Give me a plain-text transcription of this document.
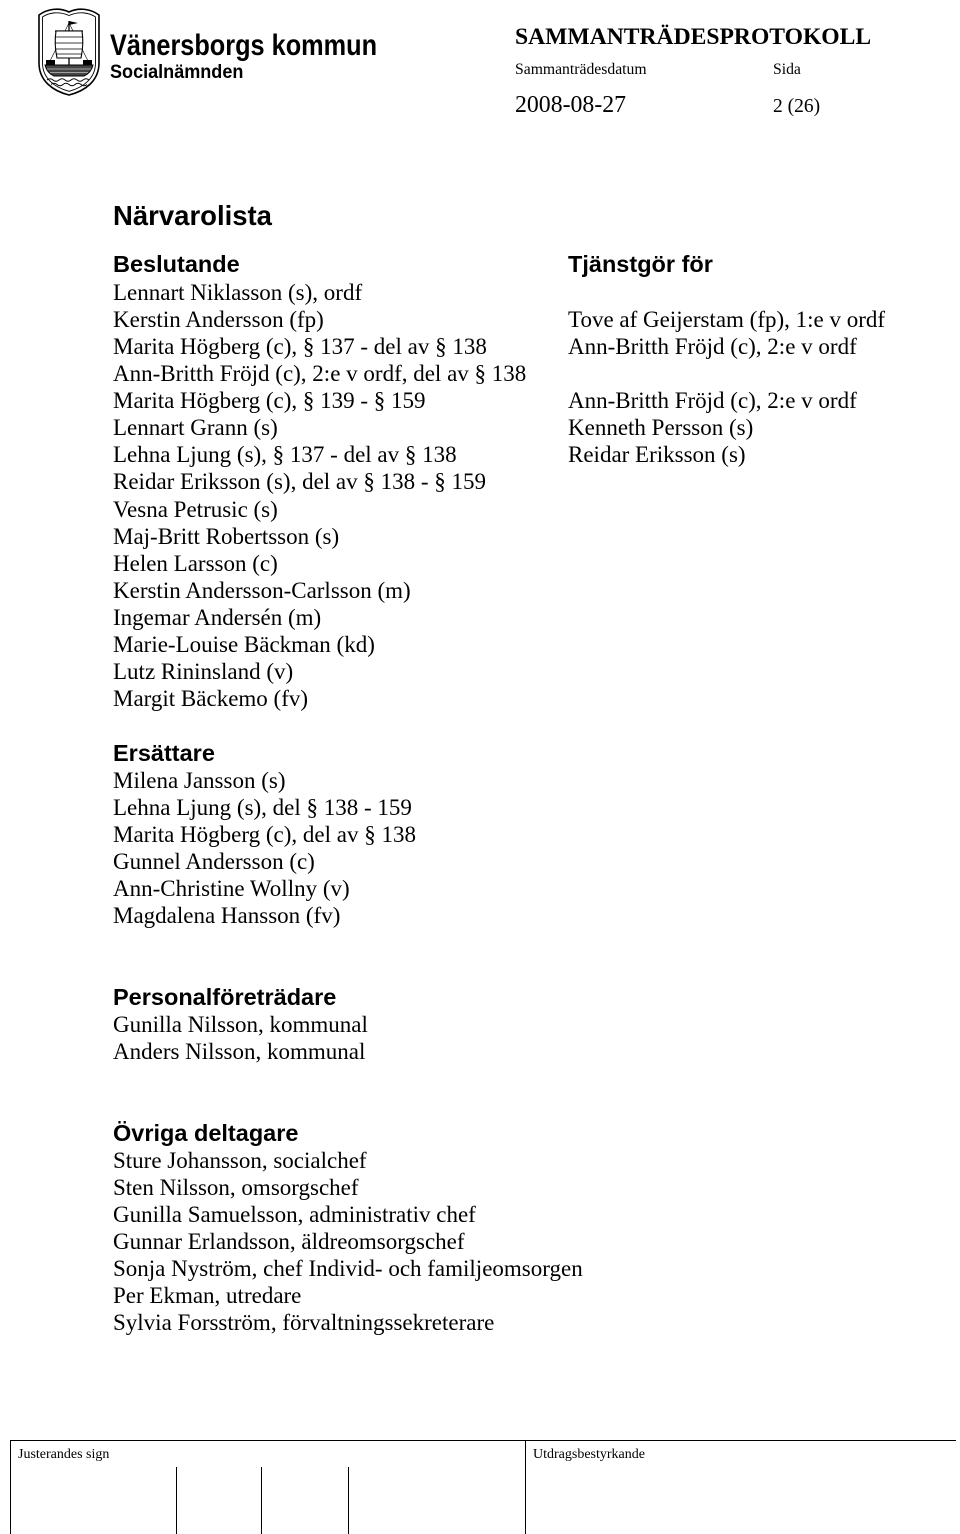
Vänersborgs kommun
Socialnämnden
SAMMANTRÄDESPROTOKOLL
Sammanträdesdatum	Sida
2008-08-27	2 (26)
Närvarolista
Beslutande	Tjänstgör för
Lennart Niklasson (s), ordf
Kerstin Andersson (fp)	Tove af Geijerstam (fp), 1:e v ordf
Marita Högberg (c), § 137 - del av § 138	Ann-Britth Fröjd (c), 2:e v ordf
Ann-Britth Fröjd (c), 2:e v ordf, del av § 138
Marita Högberg (c), § 139 - § 159	Ann-Britth Fröjd (c), 2:e v ordf
Lennart Grann (s)	Kenneth Persson (s)
Lehna Ljung (s), § 137 - del av § 138	Reidar Eriksson (s)
Reidar Eriksson (s), del av § 138 - § 159
Vesna Petrusic (s)
Maj-Britt Robertsson (s)
Helen Larsson (c)
Kerstin Andersson-Carlsson (m)
Ingemar Andersén (m)
Marie-Louise Bäckman (kd)
Lutz Rininsland (v)
Margit Bäckemo (fv)
Ersättare
Milena Jansson (s)
Lehna Ljung (s), del § 138 - 159
Marita Högberg (c), del av § 138
Gunnel Andersson (c)
Ann-Christine Wollny (v)
Magdalena Hansson (fv)
Personalföreträdare
Gunilla Nilsson, kommunal
Anders Nilsson, kommunal
Övriga deltagare
Sture Johansson, socialchef
Sten Nilsson, omsorgschef
Gunilla Samuelsson, administrativ chef
Gunnar Erlandsson, äldreomsorgschef
Sonja Nyström, chef Individ- och familjeomsorgen
Per Ekman, utredare
Sylvia Forsström, förvaltningssekreterare
Justerandes sign	Utdragsbestyrkande
